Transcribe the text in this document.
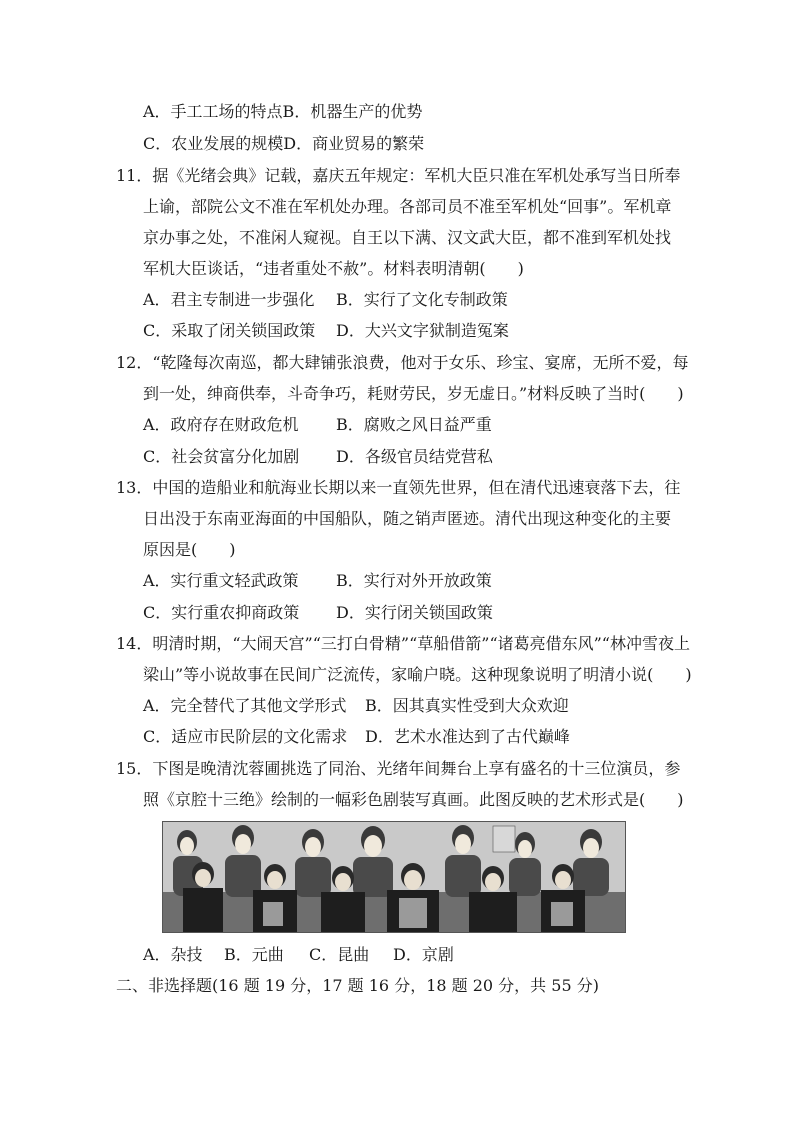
A．手工工场的特点B．机器生产的优势
C．农业发展的规模D．商业贸易的繁荣
11．据《光绪会典》记载，嘉庆五年规定：军机大臣只准在军机处承写当日所奉
上谕，部院公文不准在军机处办理。各部司员不准至军机处“回事”。军机章
京办事之处，不准闲人窥视。自王以下满、汉文武大臣，都不准到军机处找
军机大臣谈话，“违者重处不赦”。材料表明清朝(　　)
A．君主专制进一步强化 B．实行了文化专制政策
C．采取了闭关锁国政策 D．大兴文字狱制造冤案
12．“乾隆每次南巡，都大肆铺张浪费，他对于女乐、珍宝、宴席，无所不爱，每
到一处，绅商供奉，斗奇争巧，耗财劳民，岁无虚日。”材料反映了当时(　　)
A．政府存在财政危机 B．腐败之风日益严重
C．社会贫富分化加剧 D．各级官员结党营私
13．中国的造船业和航海业长期以来一直领先世界，但在清代迅速衰落下去，往
日出没于东南亚海面的中国船队，随之销声匿迹。清代出现这种变化的主要
原因是(　　)
A．实行重文轻武政策 B．实行对外开放政策
C．实行重农抑商政策 D．实行闭关锁国政策
14．明清时期，“大闹天宫”“三打白骨精”“草船借箭”“诸葛亮借东风”“林冲雪夜上
梁山”等小说故事在民间广泛流传，家喻户晓。这种现象说明了明清小说(　　)
A．完全替代了其他文学形式 B．因其真实性受到大众欢迎
C．适应市民阶层的文化需求 D．艺术水准达到了古代巅峰
15．下图是晚清沈蓉圃挑选了同治、光绪年间舞台上享有盛名的十三位演员，参
照《京腔十三绝》绘制的一幅彩色剧装写真画。此图反映的艺术形式是(　　)
A．杂技 B．元曲 C．昆曲 D．京剧
二、非选择题(16 题 19 分，17 题 16 分，18 题 20 分，共 55 分)
